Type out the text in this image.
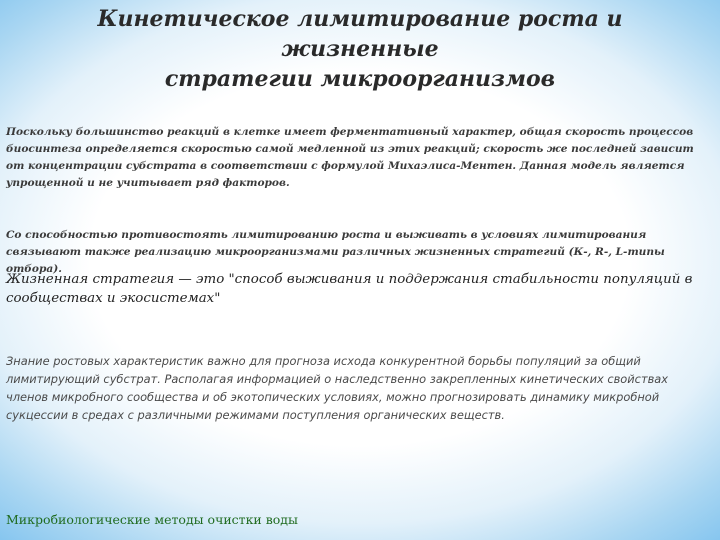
Кинетическое лимитирование роста и жизненные
стратегии микроорганизмов
Поскольку большинство реакций в клетке имеет ферментативный характер, общая скорость процессов биосинтеза определяется скоростью самой медленной из этих реакций; скорость же последней зависит от концентрации субстрата в соответствии с формулой Михаэлиса-Ментен. Данная модель является упрощенной и не учитывает ряд факторов.
Со способностью противостоять лимитированию роста и выживать в условиях лимитирования связывают также реализацию микроорганизмами различных жизненных стратегий (К-, R-, L-типы отбора).
Жизненная стратегия — это "способ выживания и поддержания стабильности популяций в сообществах и экосистемах"
Знание ростовых характеристик важно для прогноза исхода конкурентной борьбы популяций за общий лимитирующий субстрат. Располагая информацией о наследственно закрепленных кинетических свойствах членов микробного сообщества и об экотопических условиях, можно прогнозировать динамику микробной сукцессии в средах с различными режимами поступления органических веществ.
Микробиологические методы очистки воды
